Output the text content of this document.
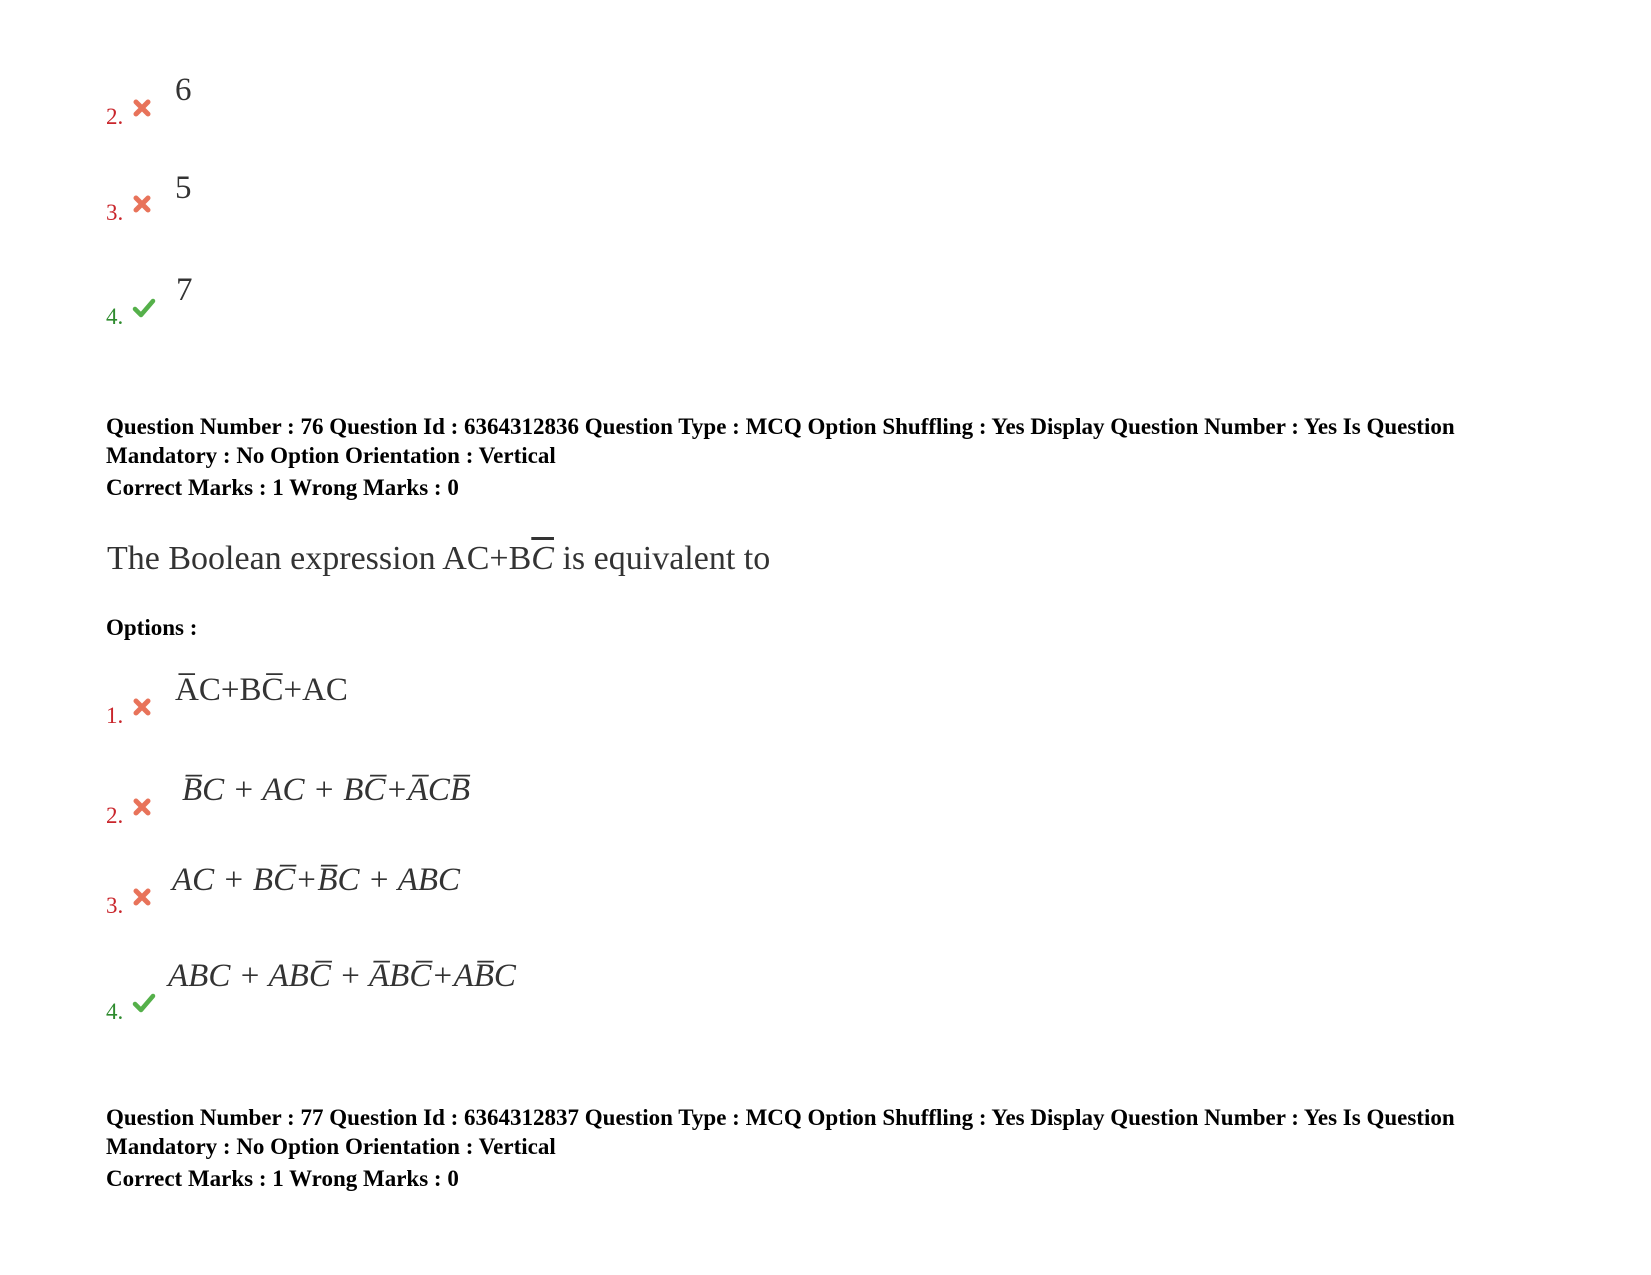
2.
6
3.
5
4.
7
Question Number : 76 Question Id : 6364312836 Question Type : MCQ Option Shuffling : Yes Display Question Number : Yes Is Question Mandatory : No Option Orientation : Vertical
Correct Marks : 1 Wrong Marks : 0
The Boolean expression $AC+B\overline{C}$ is equivalent to
Options :
1.
A̅C+BC̅+AC
2.
B̅C + AC + BC̅+A̅CB̅
3.
AC + BC̅+B̅C + ABC
4.
ABC + ABC̅ + A̅BC̅+AB̅C
Question Number : 77 Question Id : 6364312837 Question Type : MCQ Option Shuffling : Yes Display Question Number : Yes Is Question Mandatory : No Option Orientation : Vertical
Correct Marks : 1 Wrong Marks : 0
